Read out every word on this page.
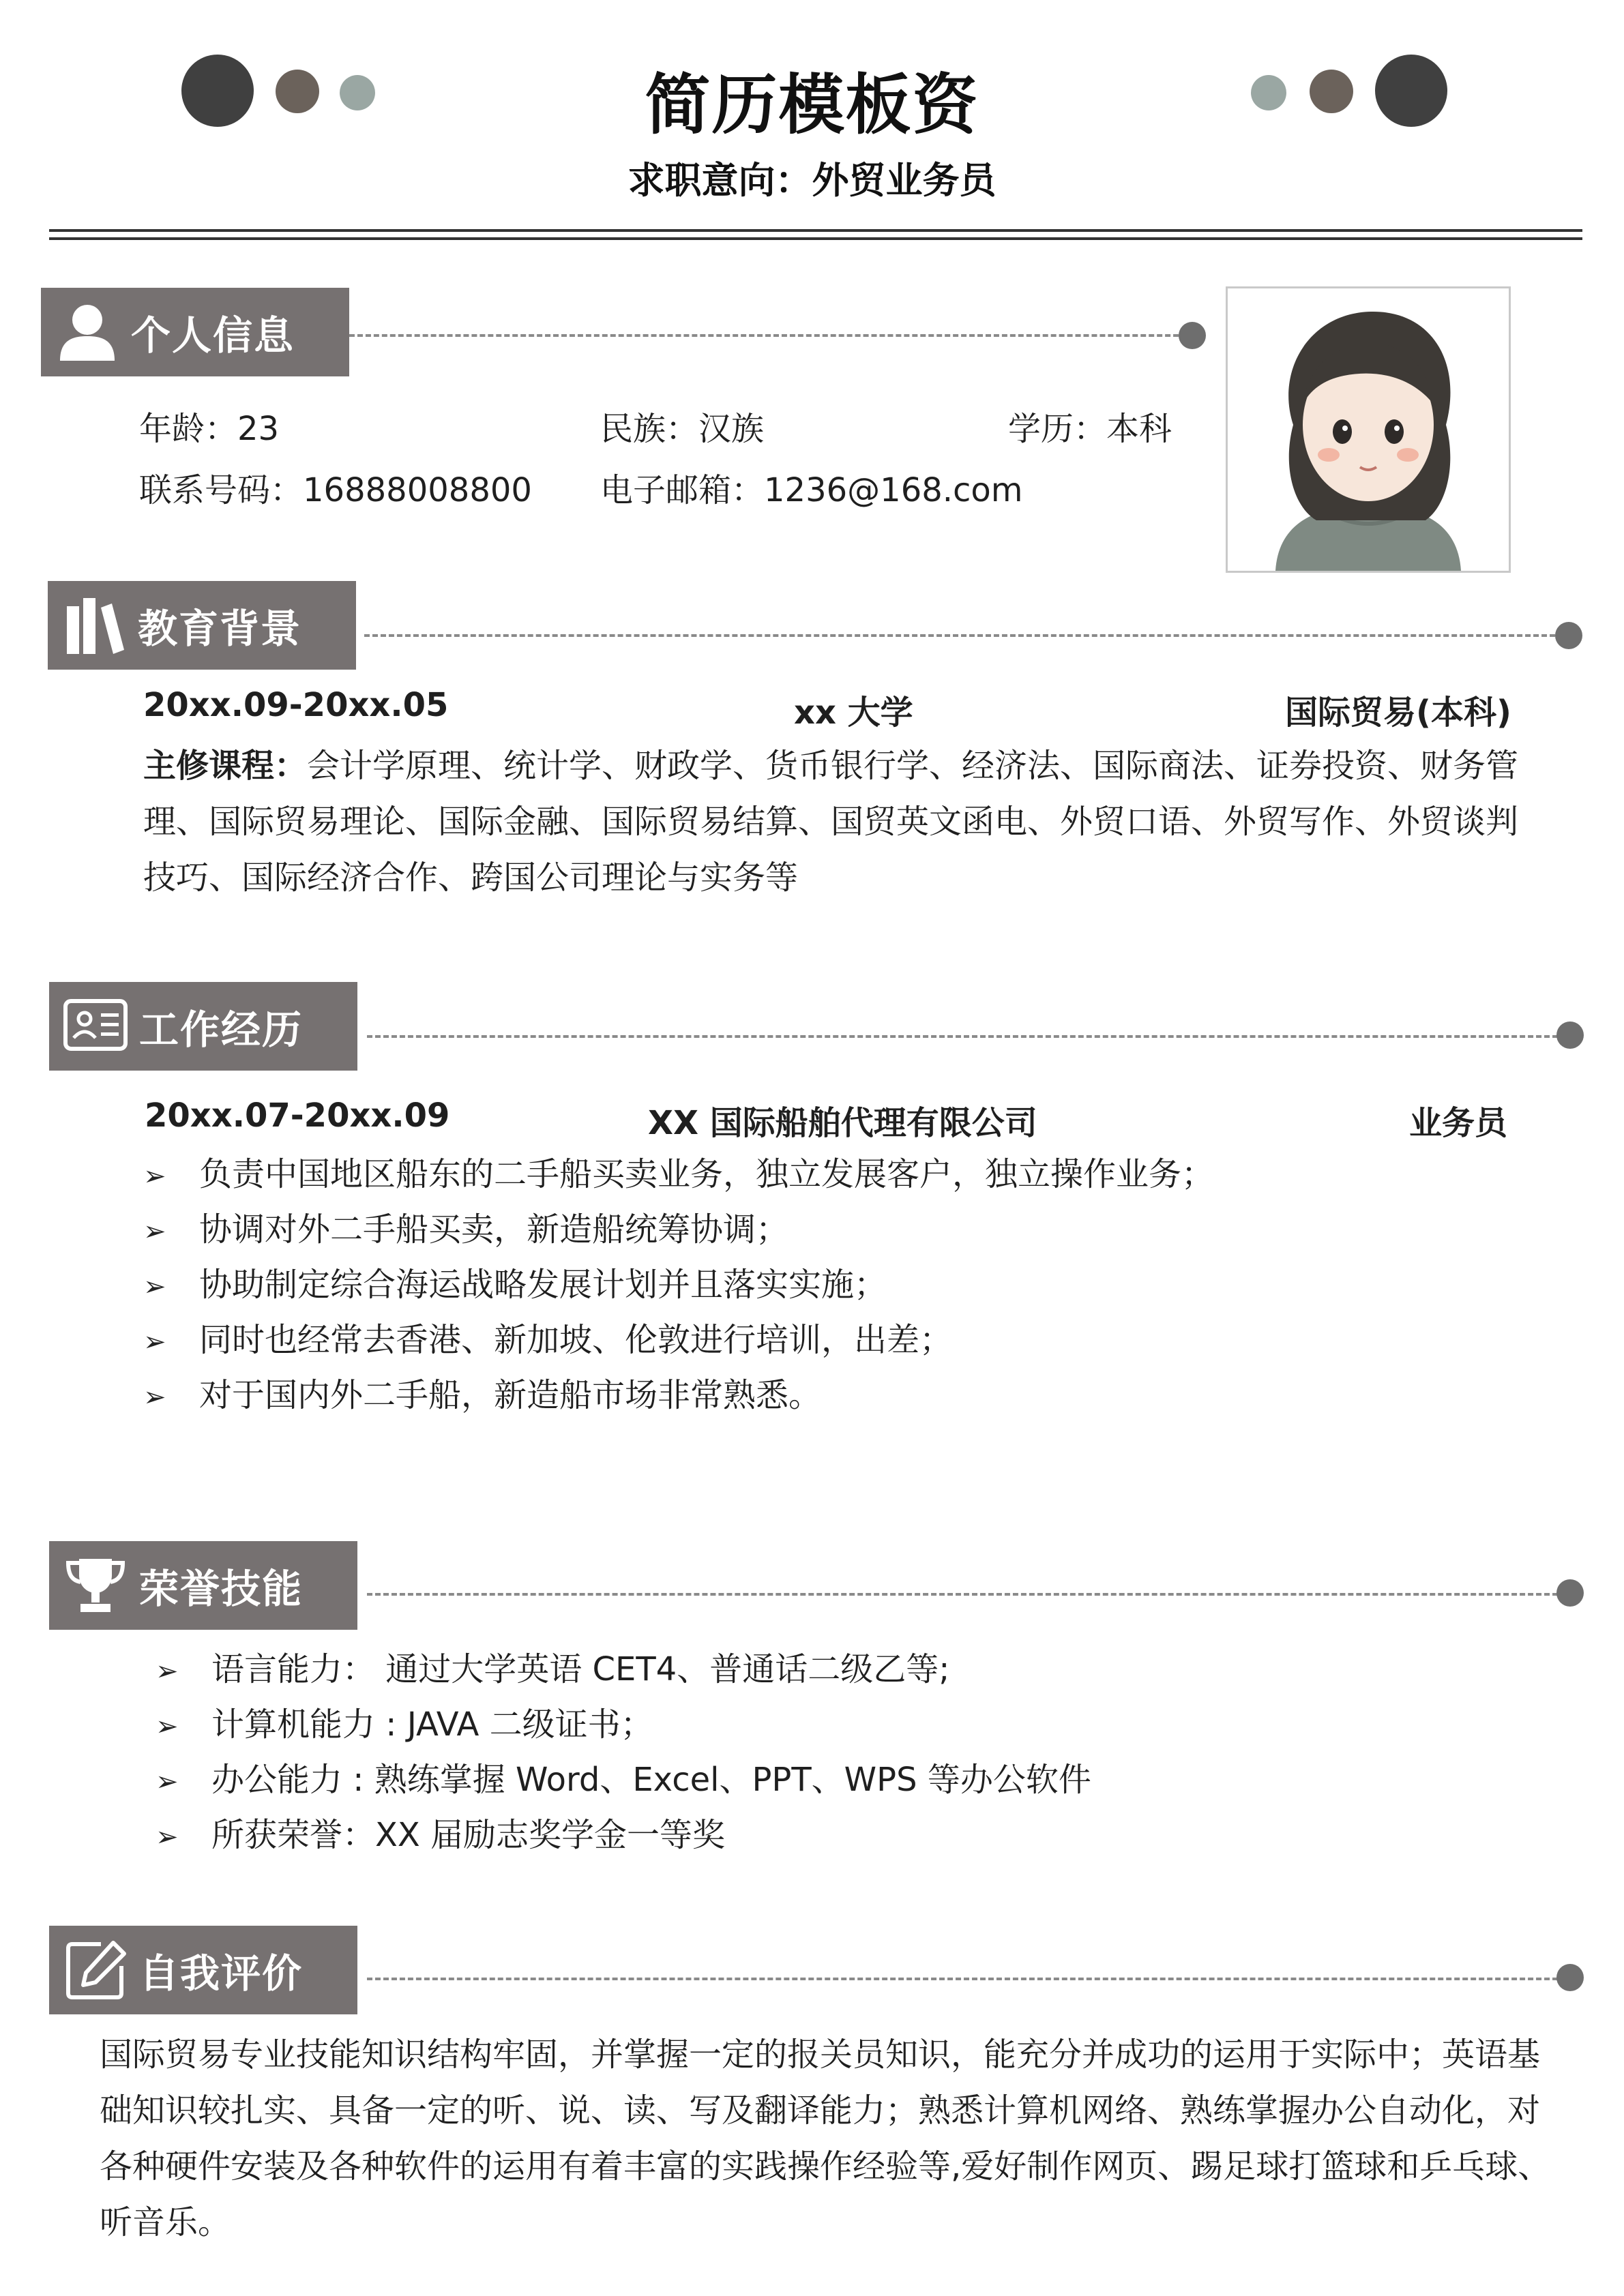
简历模板资
求职意向：外贸业务员
个人信息
年龄：23	民族：汉族	学历：本科
联系号码：16888008800 电子邮箱：1236@168.com
教育背景
20xx.09-20xx.05	xx 大学	国际贸易(本科)
主修课程：会计学原理、统计学、财政学、货币银行学、经济法、国际商法、证券投资、财务管
理、国际贸易理论、国际金融、国际贸易结算、国贸英文函电、外贸口语、外贸写作、外贸谈判
技巧、国际经济合作、跨国公司理论与实务等
工作经历
20xx.07-20xx.09	XX 国际船舶代理有限公司	业务员
➢ 负责中国地区船东的二手船买卖业务，独立发展客户，独立操作业务；
➢ 协调对外二手船买卖，新造船统筹协调；
➢ 协助制定综合海运战略发展计划并且落实实施；
➢ 同时也经常去香港、新加坡、伦敦进行培训，出差；
➢ 对于国内外二手船，新造船市场非常熟悉。
荣誉技能
➢ 语言能力： 通过大学英语 CET4、普通话二级乙等;
➢ 计算机能力 : JAVA 二级证书；
➢ 办公能力 : 熟练掌握 Word、Excel、PPT、WPS 等办公软件
➢ 所获荣誉：XX 届励志奖学金一等奖
自我评价
国际贸易专业技能知识结构牢固，并掌握一定的报关员知识，能充分并成功的运用于实际中；英语基
础知识较扎实、具备一定的听、说、读、写及翻译能力；熟悉计算机网络、熟练掌握办公自动化，对
各种硬件安装及各种软件的运用有着丰富的实践操作经验等,爱好制作网页、踢足球打篮球和乒乓球、
听音乐。
